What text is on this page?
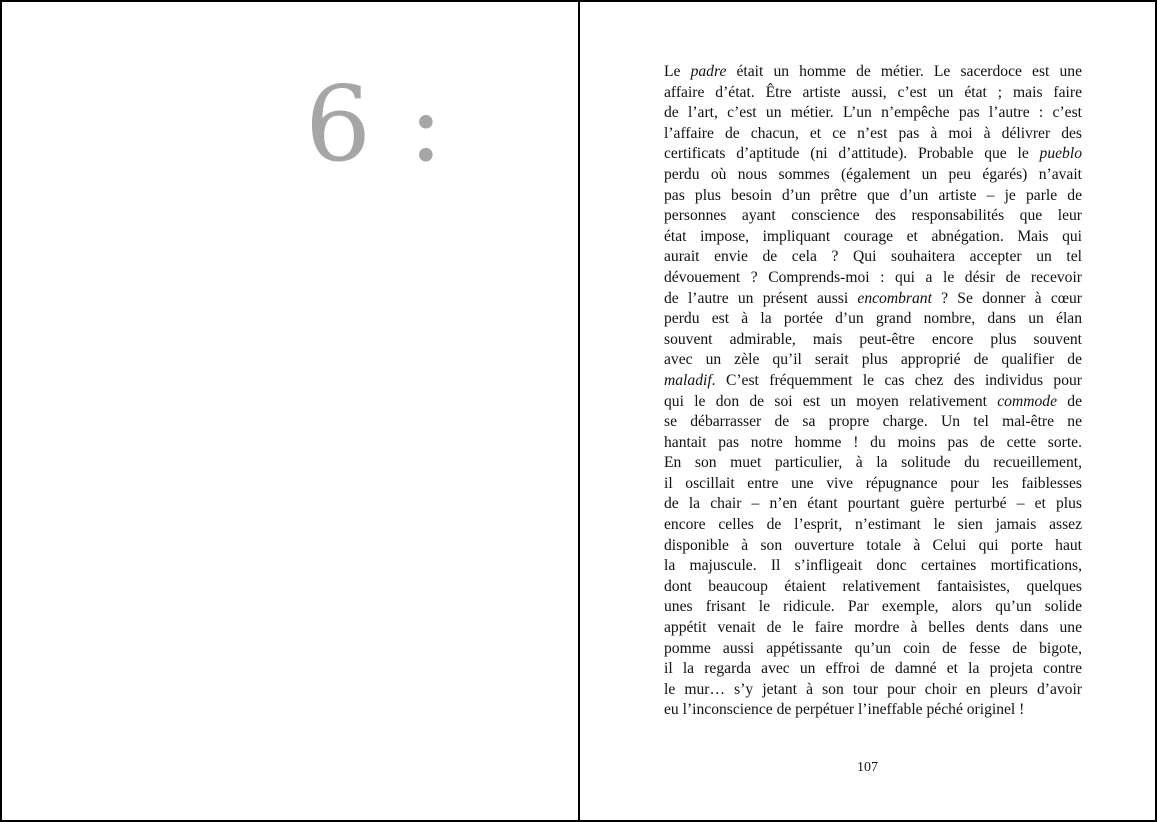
6 :	Le padre était un homme de métier. Le sacerdoce est une
affaire d’état. Être artiste aussi, c’est un état ; mais faire
de l’art, c’est un métier. L’un n’empêche pas l’autre : c’est
l’affaire de chacun, et ce n’est pas à moi à délivrer des
certificats d’aptitude (ni d’attitude). Probable que le pueblo
perdu où nous sommes (également un peu égarés) n’avait
pas plus besoin d’un prêtre que d’un artiste – je parle de
personnes ayant conscience des responsabilités que leur
état impose, impliquant courage et abnégation. Mais qui
aurait envie de cela ? Qui souhaitera accepter un tel
dévouement ? Comprends-moi : qui a le désir de recevoir
de l’autre un présent aussi encombrant ? Se donner à cœur
perdu est à la portée d’un grand nombre, dans un élan
souvent admirable, mais peut-être encore plus souvent
avec un zèle qu’il serait plus approprié de qualifier de
maladif. C’est fréquemment le cas chez des individus pour
qui le don de soi est un moyen relativement commode de
se débarrasser de sa propre charge. Un tel mal-être ne
hantait pas notre homme ! du moins pas de cette sorte.
En son muet particulier, à la solitude du recueillement,
il oscillait entre une vive répugnance pour les faiblesses
de la chair – n’en étant pourtant guère perturbé – et plus
encore celles de l’esprit, n’estimant le sien jamais assez
disponible à son ouverture totale à Celui qui porte haut
la majuscule. Il s’infligeait donc certaines mortifications,
dont beaucoup étaient relativement fantaisistes, quelques
unes frisant le ridicule. Par exemple, alors qu’un solide
appétit venait de le faire mordre à belles dents dans une
pomme aussi appétissante qu’un coin de fesse de bigote,
il la regarda avec un effroi de damné et la projeta contre
le mur… s’y jetant à son tour pour choir en pleurs d’avoir
eu l’inconscience de perpétuer l’ineffable péché originel !
107
